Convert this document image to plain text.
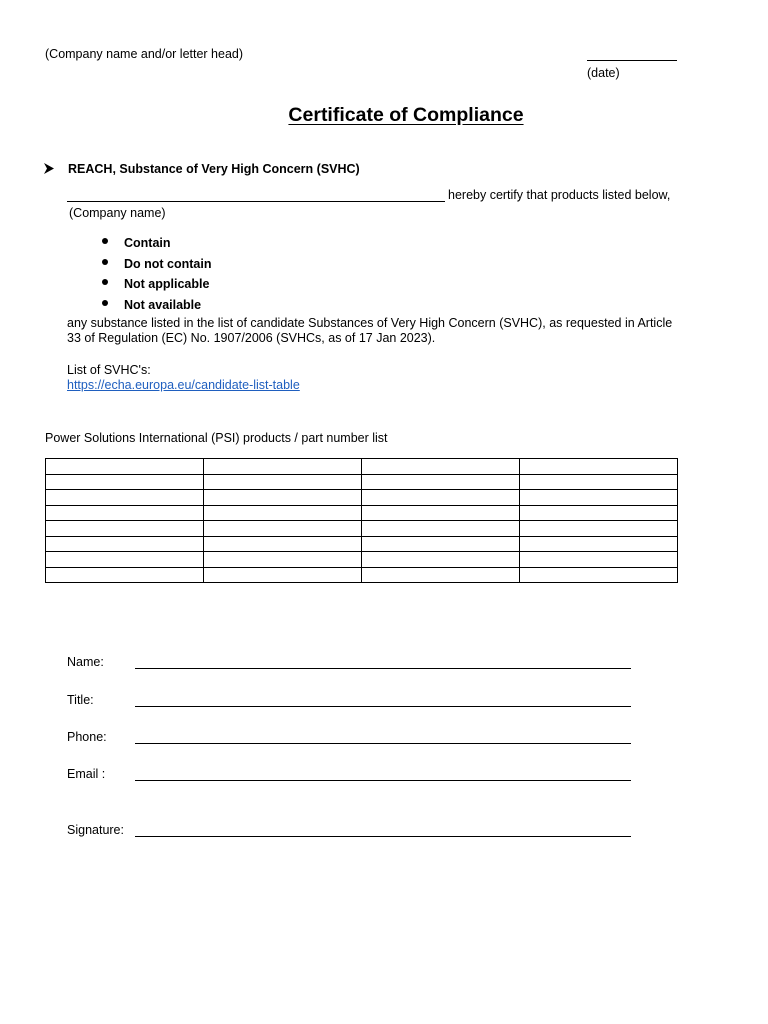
(Company name and/or letter head)
(date)
Certificate of Compliance
REACH, Substance of Very High Concern (SVHC)
hereby certify that products listed below,
(Company name)
Contain
Do not contain
Not applicable
Not available
any substance listed in the list of candidate Substances of Very High Concern (SVHC), as requested in Article 33 of Regulation (EC) No. 1907/2006 (SVHCs, as of 17 Jan 2023).
List of SVHC's:
https://echa.europa.eu/candidate-list-table
Power Solutions International (PSI) products / part number list

Name:
Title:
Phone:
Email :
Signature:
